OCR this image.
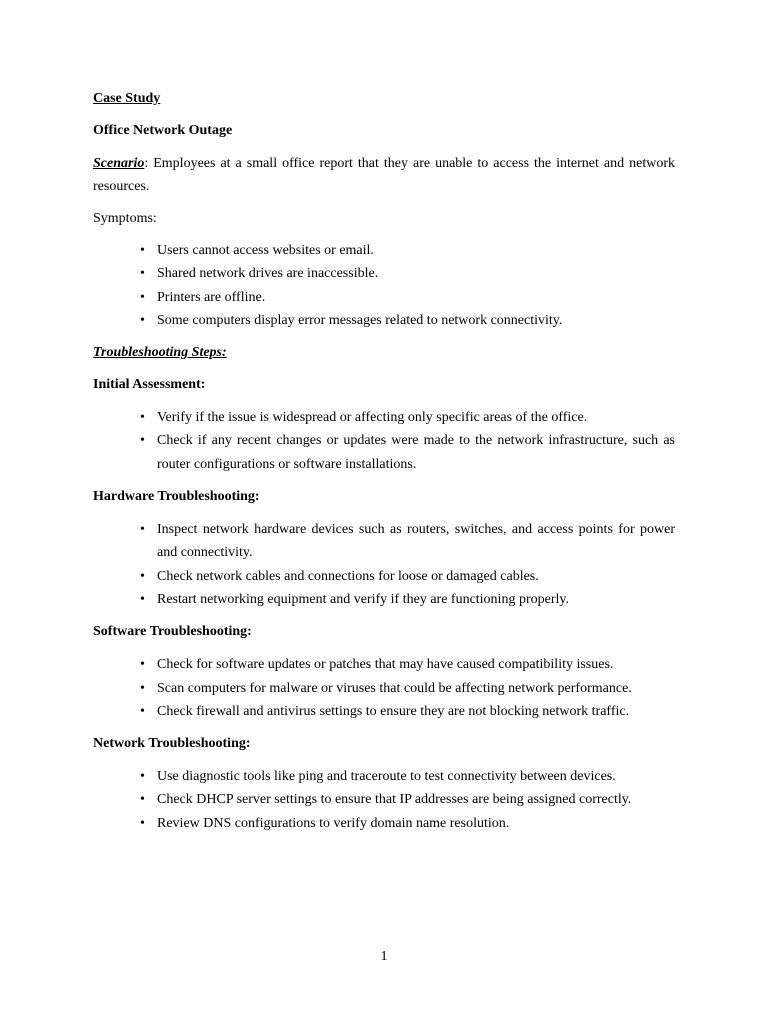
Case Study

Office Network Outage

Scenario: Employees at a small office report that they are unable to access the internet and network resources.

Symptoms:

• Users cannot access websites or email.
• Shared network drives are inaccessible.
• Printers are offline.
• Some computers display error messages related to network connectivity.

Troubleshooting Steps:

Initial Assessment:

• Verify if the issue is widespread or affecting only specific areas of the office.
• Check if any recent changes or updates were made to the network infrastructure, such as router configurations or software installations.

Hardware Troubleshooting:

• Inspect network hardware devices such as routers, switches, and access points for power and connectivity.
• Check network cables and connections for loose or damaged cables.
• Restart networking equipment and verify if they are functioning properly.

Software Troubleshooting:

• Check for software updates or patches that may have caused compatibility issues.
• Scan computers for malware or viruses that could be affecting network performance.
• Check firewall and antivirus settings to ensure they are not blocking network traffic.

Network Troubleshooting:

• Use diagnostic tools like ping and traceroute to test connectivity between devices.
• Check DHCP server settings to ensure that IP addresses are being assigned correctly.
• Review DNS configurations to verify domain name resolution.
1
